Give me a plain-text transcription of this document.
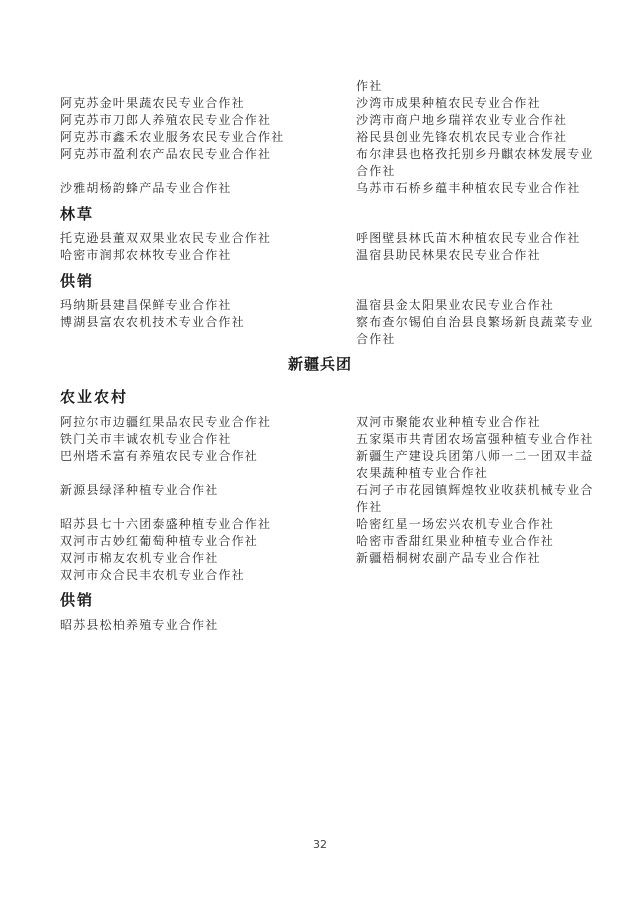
作社
阿克苏金叶果蔬农民专业合作社	沙湾市成果种植农民专业合作社
阿克苏市刀郎人养殖农民专业合作社	沙湾市商户地乡瑞祥农业专业合作社
阿克苏市鑫禾农业服务农民专业合作社	裕民县创业先锋农机农民专业合作社
阿克苏市盈利农产品农民专业合作社	布尔津县也格孜托别乡丹麒农林发展专业
合作社
沙雅胡杨韵蜂产品专业合作社	乌苏市石桥乡蕴丰种植农民专业合作社
林草
托克逊县董双双果业农民专业合作社	呼图壁县林氏苗木种植农民专业合作社
哈密市润邦农林牧专业合作社	温宿县助民林果农民专业合作社
供销
玛纳斯县建昌保鲜专业合作社	温宿县金太阳果业农民专业合作社
博湖县富农农机技术专业合作社	察布查尔锡伯自治县良繁场新良蔬菜专业
合作社
新疆兵团
农业农村
阿拉尔市边疆红果品农民专业合作社	双河市聚能农业种植专业合作社
铁门关市丰诚农机专业合作社	五家渠市共青团农场富强种植专业合作社
巴州塔禾富有养殖农民专业合作社	新疆生产建设兵团第八师一二一团双丰益
农果蔬种植专业合作社
新源县绿泽种植专业合作社	石河子市花园镇辉煌牧业收获机械专业合
作社
昭苏县七十六团泰盛种植专业合作社	哈密红星一场宏兴农机专业合作社
双河市古妙红葡萄种植专业合作社	哈密市香甜红果业种植专业合作社
双河市棉友农机专业合作社	新疆梧桐树农副产品专业合作社
双河市众合民丰农机专业合作社
供销
昭苏县松柏养殖专业合作社
32
